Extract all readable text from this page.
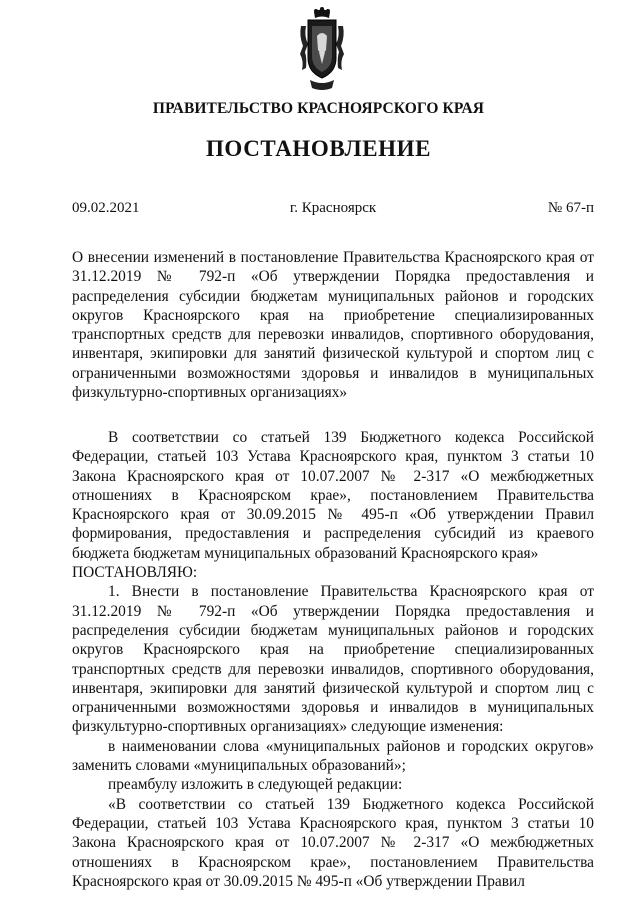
ПРАВИТЕЛЬСТВО КРАСНОЯРСКОГО КРАЯ
ПОСТАНОВЛЕНИЕ
09.02.2021	г. Красноярск	№ 67-п

О внесении изменений в постановление Правительства Красноярского края от 31.12.2019 № 792-п «Об утверждении Порядка предоставления и распределения субсидии бюджетам муниципальных районов и городских округов Красноярского края на приобретение специализированных транспортных средств для перевозки инвалидов, спортивного оборудования, инвентаря, экипировки для занятий физической культурой и спортом лиц с ограниченными возможностями здоровья и инвалидов в муниципальных физкультурно-спортивных организациях»

В соответствии со статьей 139 Бюджетного кодекса Российской Федерации, статьей 103 Устава Красноярского края, пунктом 3 статьи 10 Закона Красноярского края от 10.07.2007 № 2-317 «О межбюджетных отношениях в Красноярском крае», постановлением Правительства Красноярского края от 30.09.2015 № 495-п «Об утверждении Правил формирования, предоставления и распределения субсидий из краевого бюджета бюджетам муниципальных образований Красноярского края»

ПОСТАНОВЛЯЮ:

1. Внести в постановление Правительства Красноярского края от 31.12.2019 № 792-п «Об утверждении Порядка предоставления и распределения субсидии бюджетам муниципальных районов и городских округов Красноярского края на приобретение специализированных транспортных средств для перевозки инвалидов, спортивного оборудования, инвентаря, экипировки для занятий физической культурой и спортом лиц с ограниченными возможностями здоровья и инвалидов в муниципальных физкультурно-спортивных организациях» следующие изменения:

в наименовании слова «муниципальных районов и городских округов» заменить словами «муниципальных образований»;

преамбулу изложить в следующей редакции:

«В соответствии со статьей 139 Бюджетного кодекса Российской Федерации, статьей 103 Устава Красноярского края, пунктом 3 статьи 10 Закона Красноярского края от 10.07.2007 № 2-317 «О межбюджетных отношениях в Красноярском крае», постановлением Правительства Красноярского края от 30.09.2015 № 495-п «Об утверждении Правил
